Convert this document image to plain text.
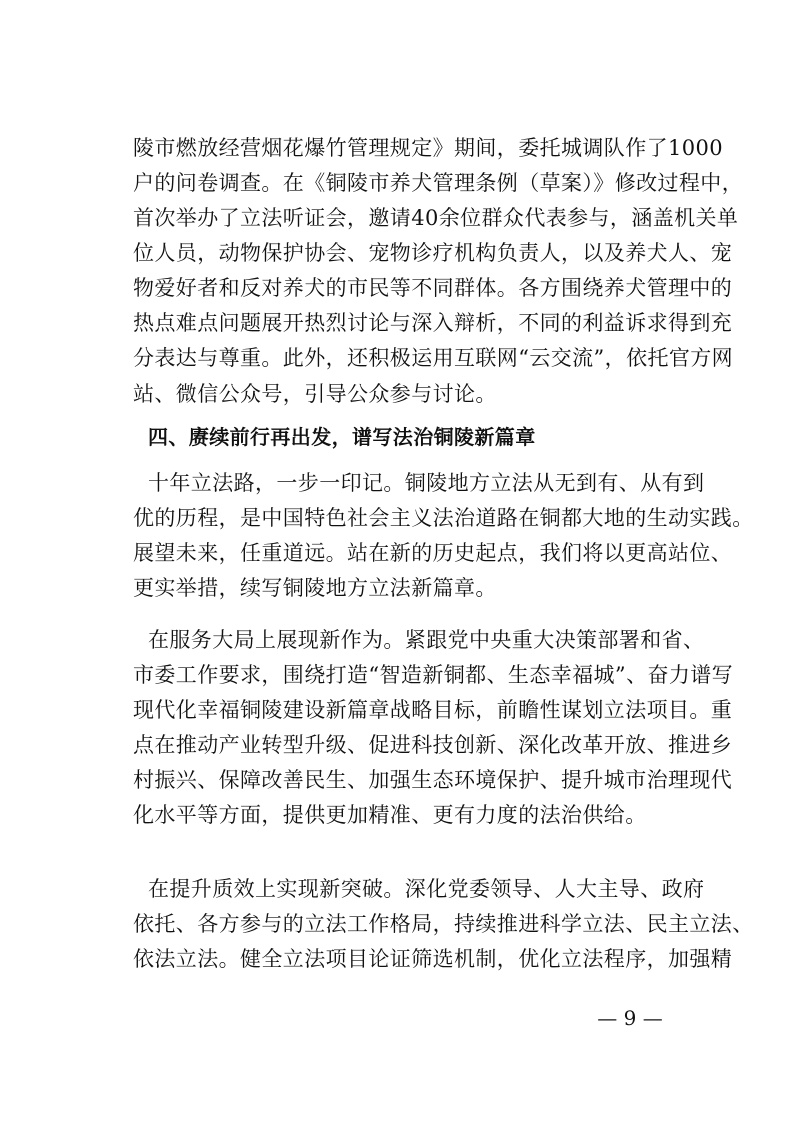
陵市燃放经营烟花爆竹管理规定》期间，委托城调队作了1000
户的问卷调查。在《铜陵市养犬管理条例（草案）》修改过程中，
首次举办了立法听证会，邀请40余位群众代表参与，涵盖机关单
位人员，动物保护协会、宠物诊疗机构负责人，以及养犬人、宠
物爱好者和反对养犬的市民等不同群体。各方围绕养犬管理中的
热点难点问题展开热烈讨论与深入辩析，不同的利益诉求得到充
分表达与尊重。此外，还积极运用互联网“云交流”，依托官方网
站、微信公众号，引导公众参与讨论。
四、赓续前行再出发，谱写法治铜陵新篇章
十年立法路，一步一印记。铜陵地方立法从无到有、从有到
优的历程，是中国特色社会主义法治道路在铜都大地的生动实践。
展望未来，任重道远。站在新的历史起点，我们将以更高站位、
更实举措，续写铜陵地方立法新篇章。
在服务大局上展现新作为。紧跟党中央重大决策部署和省、
市委工作要求，围绕打造“智造新铜都、生态幸福城”、奋力谱写
现代化幸福铜陵建设新篇章战略目标，前瞻性谋划立法项目。重
点在推动产业转型升级、促进科技创新、深化改革开放、推进乡
村振兴、保障改善民生、加强生态环境保护、提升城市治理现代
化水平等方面，提供更加精准、更有力度的法治供给。
在提升质效上实现新突破。深化党委领导、人大主导、政府
依托、各方参与的立法工作格局，持续推进科学立法、民主立法、
依法立法。健全立法项目论证筛选机制，优化立法程序，加强精
— 9 —
